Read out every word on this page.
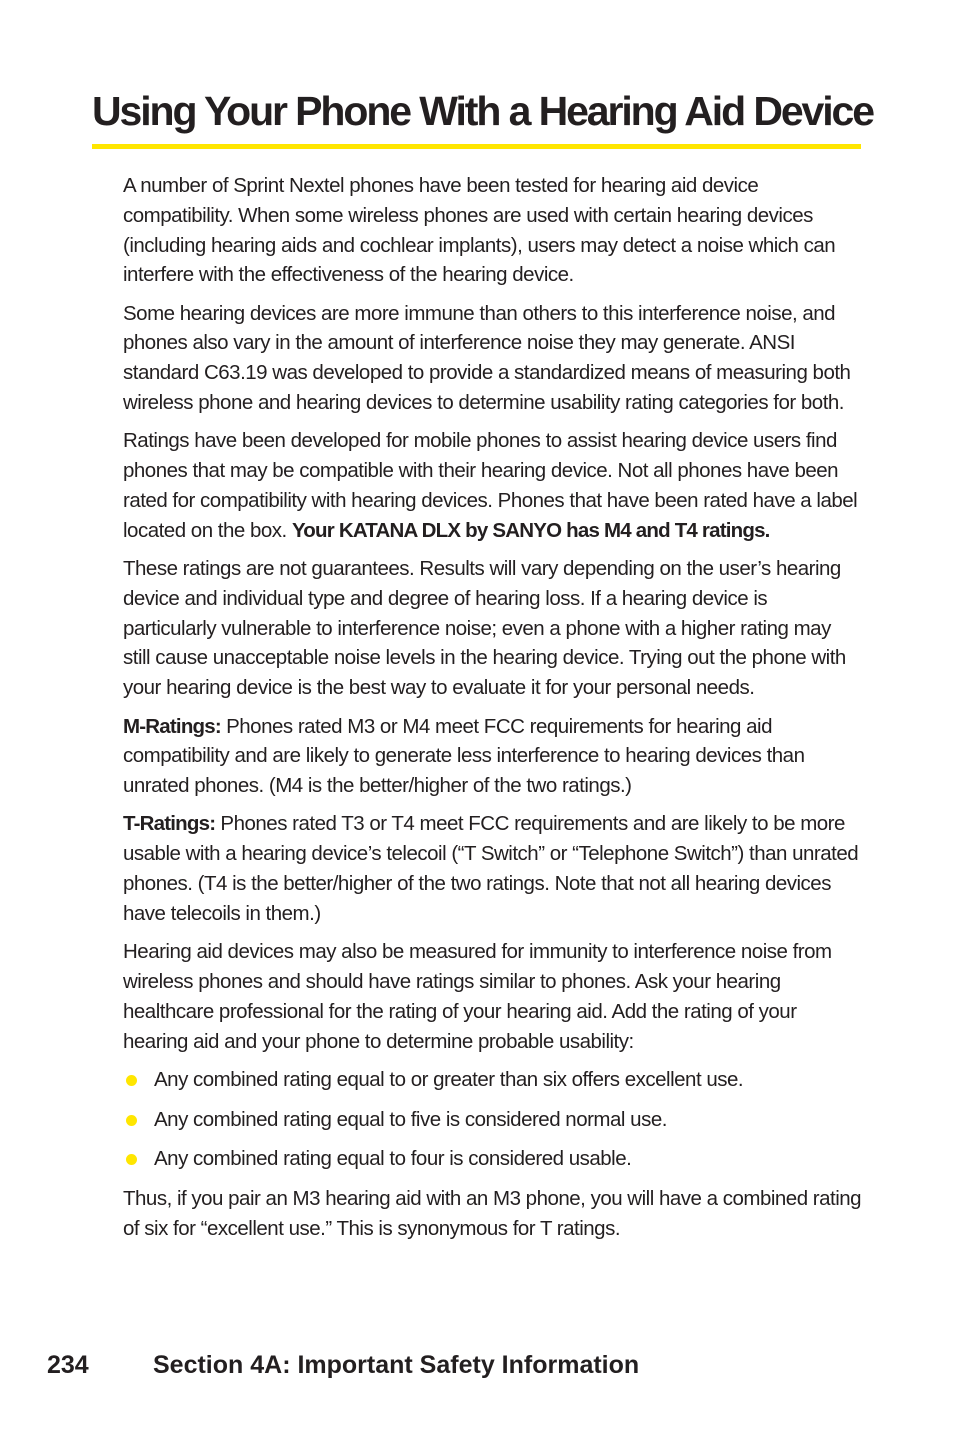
Using Your Phone With a Hearing Aid Device

A number of Sprint Nextel phones have been tested for hearing aid device compatibility. When some wireless phones are used with certain hearing devices (including hearing aids and cochlear implants), users may detect a noise which can interfere with the effectiveness of the hearing device.

Some hearing devices are more immune than others to this interference noise, and phones also vary in the amount of interference noise they may generate. ANSI standard C63.19 was developed to provide a standardized means of measuring both wireless phone and hearing devices to determine usability rating categories for both.

Ratings have been developed for mobile phones to assist hearing device users find phones that may be compatible with their hearing device. Not all phones have been rated for compatibility with hearing devices. Phones that have been rated have a label located on the box. Your KATANA DLX by SANYO has M4 and T4 ratings.

These ratings are not guarantees. Results will vary depending on the user’s hearing device and individual type and degree of hearing loss. If a hearing device is particularly vulnerable to interference noise; even a phone with a higher rating may still cause unacceptable noise levels in the hearing device. Trying out the phone with your hearing device is the best way to evaluate it for your personal needs.

M-Ratings: Phones rated M3 or M4 meet FCC requirements for hearing aid compatibility and are likely to generate less interference to hearing devices than unrated phones. (M4 is the better/higher of the two ratings.)

T-Ratings: Phones rated T3 or T4 meet FCC requirements and are likely to be more usable with a hearing device’s telecoil (“T Switch” or “Telephone Switch”) than unrated phones. (T4 is the better/higher of the two ratings. Note that not all hearing devices have telecoils in them.)

Hearing aid devices may also be measured for immunity to interference noise from wireless phones and should have ratings similar to phones. Ask your hearing healthcare professional for the rating of your hearing aid. Add the rating of your hearing aid and your phone to determine probable usability:

Any combined rating equal to or greater than six offers excellent use.
Any combined rating equal to five is considered normal use.
Any combined rating equal to four is considered usable.

Thus, if you pair an M3 hearing aid with an M3 phone, you will have a combined rating of six for “excellent use.” This is synonymous for T ratings.

234	Section 4A: Important Safety Information
